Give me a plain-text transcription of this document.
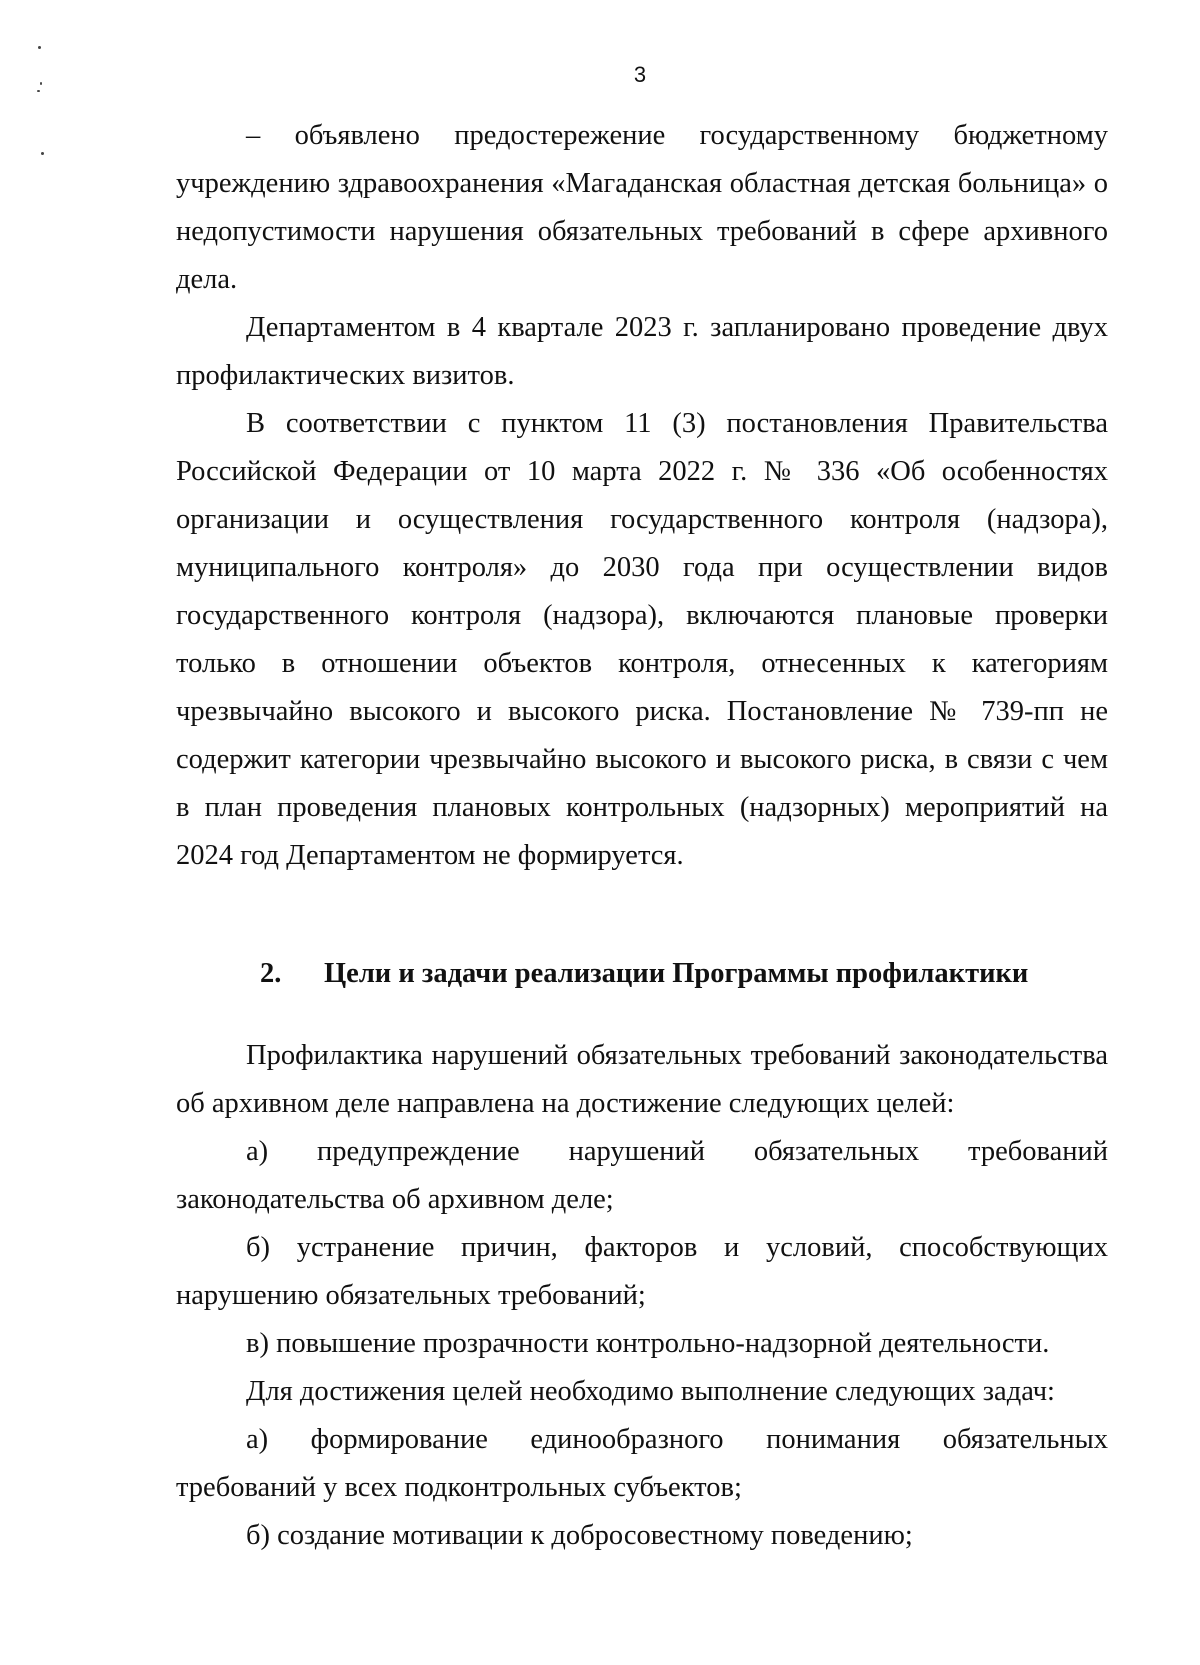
3

– объявлено предостережение государственному бюджетному учреждению здравоохранения «Магаданская областная детская больница» о недопустимости нарушения обязательных требований в сфере архивного дела.

Департаментом в 4 квартале 2023 г. запланировано проведение двух профилактических визитов.

В соответствии с пунктом 11 (3) постановления Правительства Российской Федерации от 10 марта 2022 г. № 336 «Об особенностях организации и осуществления государственного контроля (надзора), муниципального контроля» до 2030 года при осуществлении видов государственного контроля (надзора), включаются плановые проверки только в отношении объектов контроля, отнесенных к категориям чрезвычайно высокого и высокого риска. Постановление № 739-пп не содержит категории чрезвычайно высокого и высокого риска, в связи с чем в план проведения плановых контрольных (надзорных) мероприятий на 2024 год Департаментом не формируется.

2.	Цели и задачи реализации Программы профилактики

Профилактика нарушений обязательных требований законодательства об архивном деле направлена на достижение следующих целей:

а) предупреждение нарушений обязательных требований законодательства об архивном деле;

б) устранение причин, факторов и условий, способствующих нарушению обязательных требований;

в) повышение прозрачности контрольно-надзорной деятельности.

Для достижения целей необходимо выполнение следующих задач:

а) формирование единообразного понимания обязательных требований у всех подконтрольных субъектов;

б) создание мотивации к добросовестному поведению;
